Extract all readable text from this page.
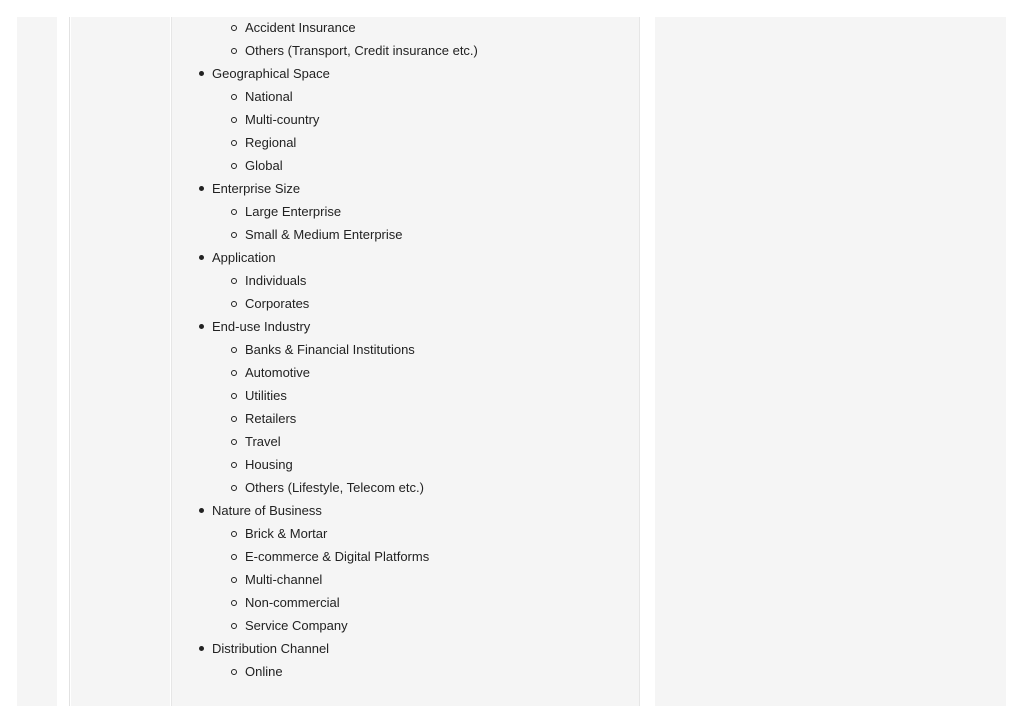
Accident Insurance
Others (Transport, Credit insurance etc.)
Geographical Space
National
Multi-country
Regional
Global
Enterprise Size
Large Enterprise
Small & Medium Enterprise
Application
Individuals
Corporates
End-use Industry
Banks & Financial Institutions
Automotive
Utilities
Retailers
Travel
Housing
Others (Lifestyle, Telecom etc.)
Nature of Business
Brick & Mortar
E-commerce & Digital Platforms
Multi-channel
Non-commercial
Service Company
Distribution Channel
Online
